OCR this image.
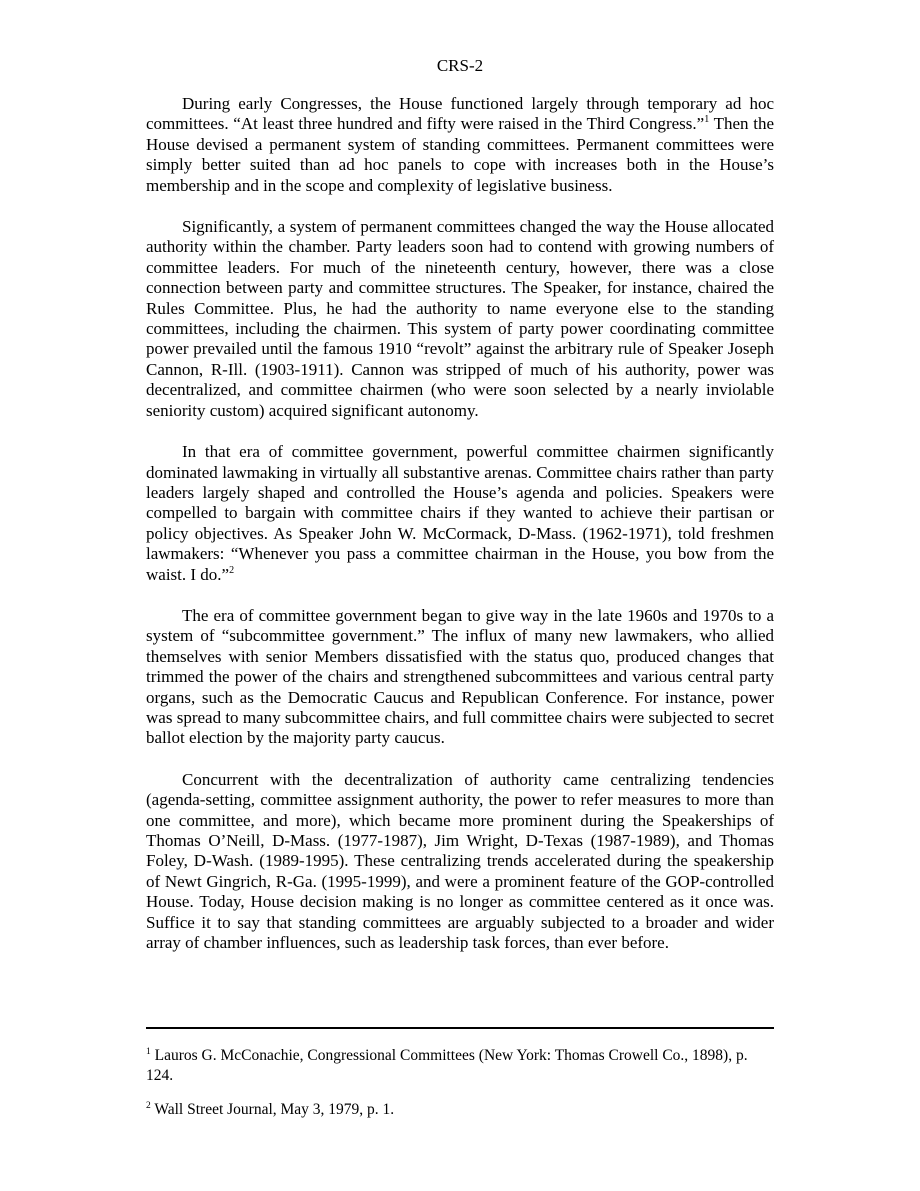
CRS-2

During early Congresses, the House functioned largely through temporary ad hoc committees. “At least three hundred and fifty were raised in the Third Congress.”$^1$ Then the House devised a permanent system of standing committees. Permanent committees were simply better suited than ad hoc panels to cope with increases both in the House’s membership and in the scope and complexity of legislative business.

Significantly, a system of permanent committees changed the way the House allocated authority within the chamber. Party leaders soon had to contend with growing numbers of committee leaders. For much of the nineteenth century, however, there was a close connection between party and committee structures. The Speaker, for instance, chaired the Rules Committee. Plus, he had the authority to name everyone else to the standing committees, including the chairmen. This system of party power coordinating committee power prevailed until the famous 1910 “revolt” against the arbitrary rule of Speaker Joseph Cannon, R-Ill. (1903-1911). Cannon was stripped of much of his authority, power was decentralized, and committee chairmen (who were soon selected by a nearly inviolable seniority custom) acquired significant autonomy.

In that era of committee government, powerful committee chairmen significantly dominated lawmaking in virtually all substantive arenas. Committee chairs rather than party leaders largely shaped and controlled the House’s agenda and policies. Speakers were compelled to bargain with committee chairs if they wanted to achieve their partisan or policy objectives. As Speaker John W. McCormack, D-Mass. (1962-1971), told freshmen lawmakers: “Whenever you pass a committee chairman in the House, you bow from the waist. I do.”$^2$

The era of committee government began to give way in the late 1960s and 1970s to a system of “subcommittee government.” The influx of many new lawmakers, who allied themselves with senior Members dissatisfied with the status quo, produced changes that trimmed the power of the chairs and strengthened subcommittees and various central party organs, such as the Democratic Caucus and Republican Conference. For instance, power was spread to many subcommittee chairs, and full committee chairs were subjected to secret ballot election by the majority party caucus.

Concurrent with the decentralization of authority came centralizing tendencies (agenda-setting, committee assignment authority, the power to refer measures to more than one committee, and more), which became more prominent during the Speakerships of Thomas O’Neill, D-Mass. (1977-1987), Jim Wright, D-Texas (1987-1989), and Thomas Foley, D-Wash. (1989-1995). These centralizing trends accelerated during the speakership of Newt Gingrich, R-Ga. (1995-1999), and were a prominent feature of the GOP-controlled House. Today, House decision making is no longer as committee centered as it once was. Suffice it to say that standing committees are arguably subjected to a broader and wider array of chamber influences, such as leadership task forces, than ever before.

$^1$ Lauros G. McConachie, Congressional Committees (New York: Thomas Crowell Co., 1898), p. 124.

$^2$ Wall Street Journal, May 3, 1979, p. 1.
